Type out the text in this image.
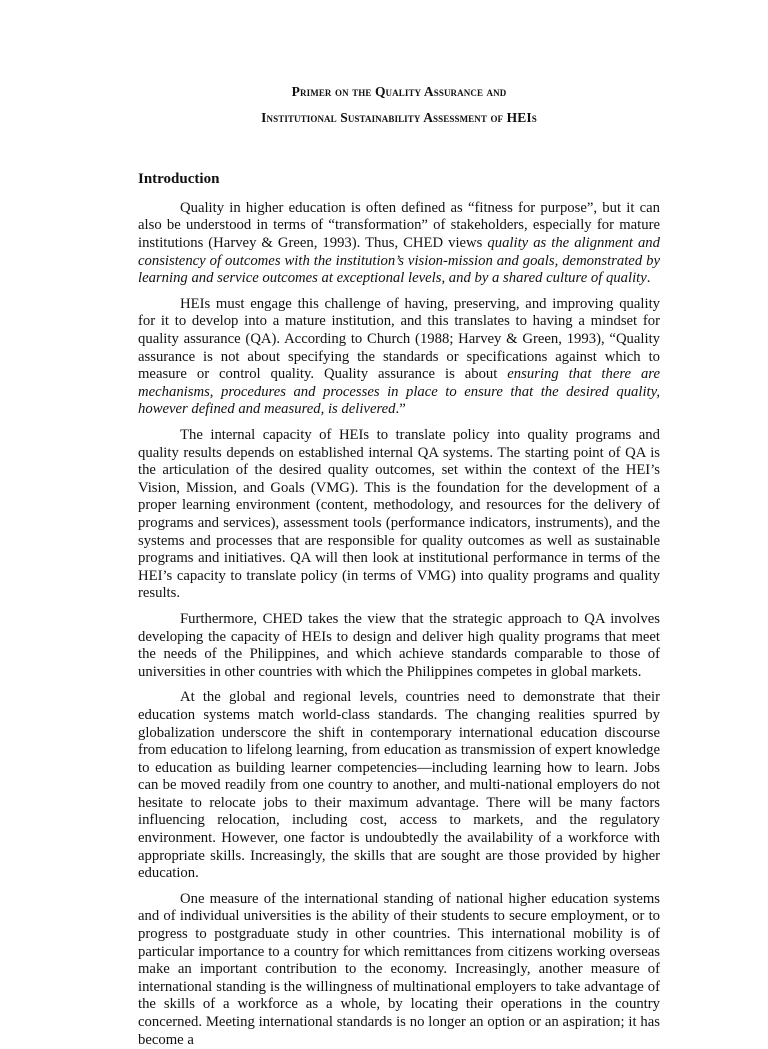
Primer on the Quality Assurance and

Institutional Sustainability Assessment of HEIs

Introduction

Quality in higher education is often defined as “fitness for purpose”, but it can also be understood in terms of “transformation” of stakeholders, especially for mature institutions (Harvey & Green, 1993). Thus, CHED views quality as the alignment and consistency of outcomes with the institution’s vision-mission and goals, demonstrated by learning and service outcomes at exceptional levels, and by a shared culture of quality.

HEIs must engage this challenge of having, preserving, and improving quality for it to develop into a mature institution, and this translates to having a mindset for quality assurance (QA). According to Church (1988; Harvey & Green, 1993), “Quality assurance is not about specifying the standards or specifications against which to measure or control quality. Quality assurance is about ensuring that there are mechanisms, procedures and processes in place to ensure that the desired quality, however defined and measured, is delivered.”

The internal capacity of HEIs to translate policy into quality programs and quality results depends on established internal QA systems. The starting point of QA is the articulation of the desired quality outcomes, set within the context of the HEI’s Vision, Mission, and Goals (VMG). This is the foundation for the development of a proper learning environment (content, methodology, and resources for the delivery of programs and services), assessment tools (performance indicators, instruments), and the systems and processes that are responsible for quality outcomes as well as sustainable programs and initiatives. QA will then look at institutional performance in terms of the HEI’s capacity to translate policy (in terms of VMG) into quality programs and quality results.

Furthermore, CHED takes the view that the strategic approach to QA involves developing the capacity of HEIs to design and deliver high quality programs that meet the needs of the Philippines, and which achieve standards comparable to those of universities in other countries with which the Philippines competes in global markets.

At the global and regional levels, countries need to demonstrate that their education systems match world-class standards. The changing realities spurred by globalization underscore the shift in contemporary international education discourse from education to lifelong learning, from education as transmission of expert knowledge to education as building learner competencies—including learning how to learn. Jobs can be moved readily from one country to another, and multi-national employers do not hesitate to relocate jobs to their maximum advantage. There will be many factors influencing relocation, including cost, access to markets, and the regulatory environment. However, one factor is undoubtedly the availability of a workforce with appropriate skills. Increasingly, the skills that are sought are those provided by higher education.

One measure of the international standing of national higher education systems and of individual universities is the ability of their students to secure employment, or to progress to postgraduate study in other countries. This international mobility is of particular importance to a country for which remittances from citizens working overseas make an important contribution to the economy. Increasingly, another measure of international standing is the willingness of multinational employers to take advantage of the skills of a workforce as a whole, by locating their operations in the country concerned. Meeting international standards is no longer an option or an aspiration; it has become a
